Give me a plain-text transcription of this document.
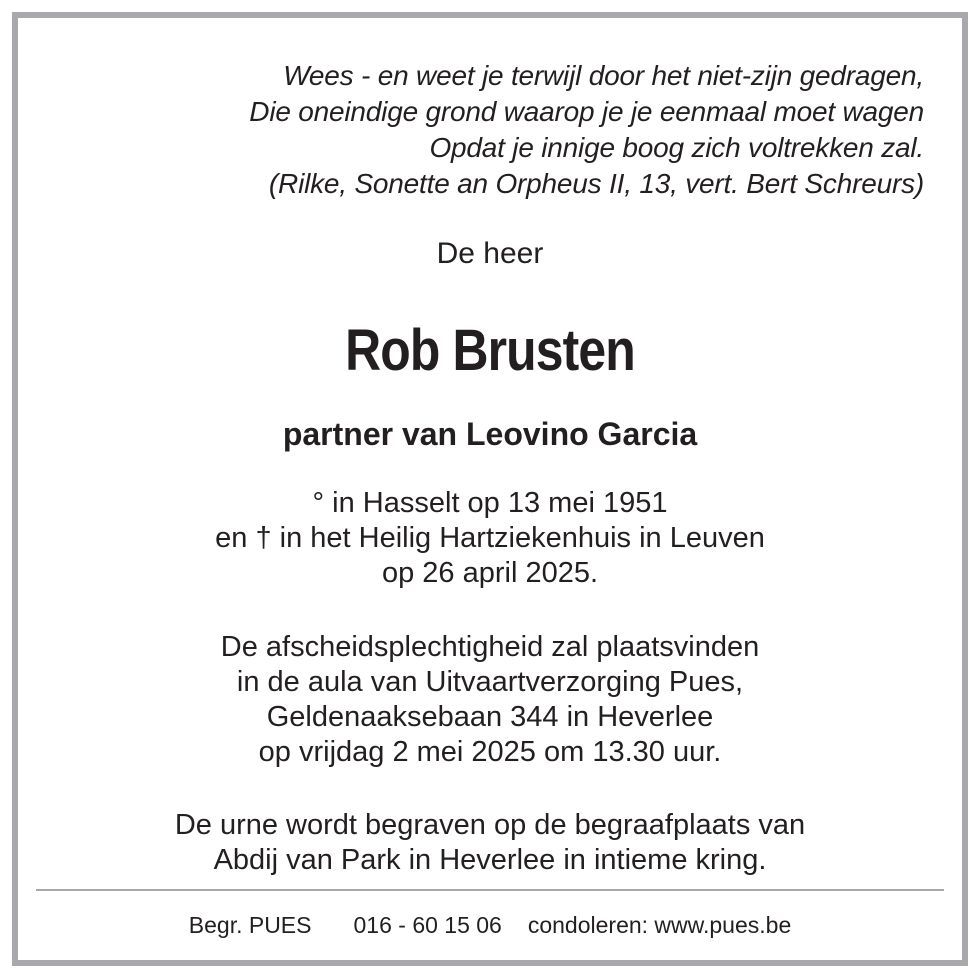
Wees - en weet je terwijl door het niet-zijn gedragen,
Die oneindige grond waarop je je eenmaal moet wagen
Opdat je innige boog zich voltrekken zal.
(Rilke, Sonette an Orpheus II, 13, vert. Bert Schreurs)
De heer
Rob Brusten
partner van Leovino Garcia
° in Hasselt op 13 mei 1951
en † in het Heilig Hartziekenhuis in Leuven
op 26 april 2025.
De afscheidsplechtigheid zal plaatsvinden
in de aula van Uitvaartverzorging Pues,
Geldenaaksebaan 344 in Heverlee
op vrijdag 2 mei 2025 om 13.30 uur.
De urne wordt begraven op de begraafplaats van
Abdij van Park in Heverlee in intieme kring.
Begr. PUES 016 - 60 15 06 condoleren: www.pues.be
